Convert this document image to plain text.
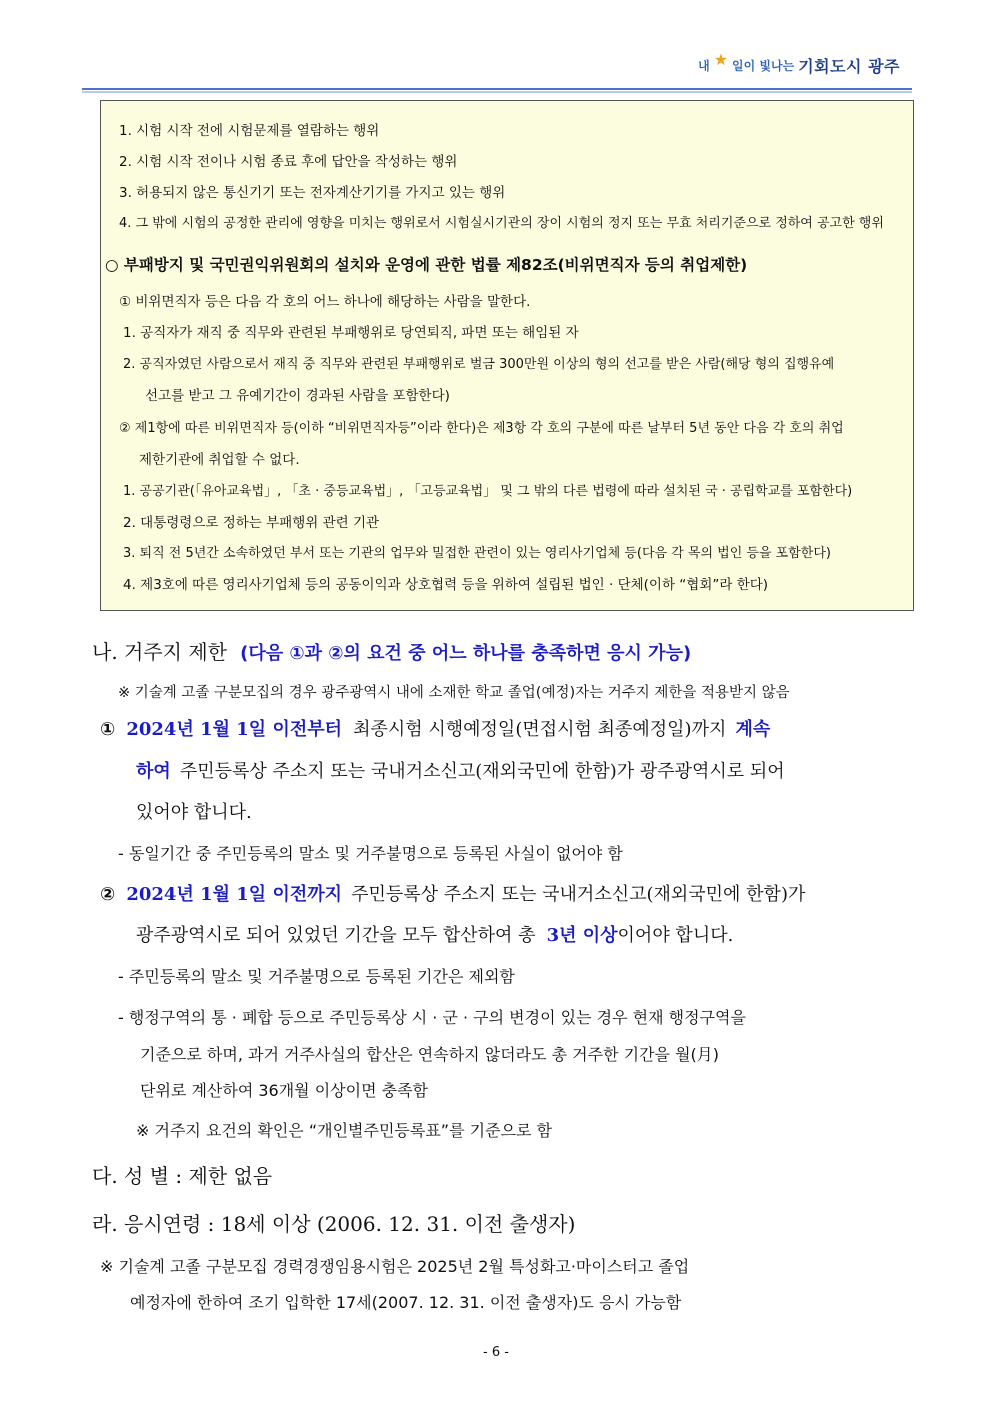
내 ★ 일이 빛나는 기회도시 광주
1. 시험 시작 전에 시험문제를 열람하는 행위
2. 시험 시작 전이나 시험 종료 후에 답안을 작성하는 행위
3. 허용되지 않은 통신기기 또는 전자계산기기를 가지고 있는 행위
4. 그 밖에 시험의 공정한 관리에 영향을 미치는 행위로서 시험실시기관의 장이 시험의 정지 또는 무효 처리기준으로 정하여 공고한 행위
○ 부패방지 및 국민권익위원회의 설치와 운영에 관한 법률 제82조(비위면직자 등의 취업제한)
① 비위면직자 등은 다음 각 호의 어느 하나에 해당하는 사람을 말한다.
1. 공직자가 재직 중 직무와 관련된 부패행위로 당연퇴직, 파면 또는 해임된 자
2. 공직자였던 사람으로서 재직 중 직무와 관련된 부패행위로 벌금 300만원 이상의 형의 선고를 받은 사람(해당 형의 집행유예
선고를 받고 그 유예기간이 경과된 사람을 포함한다)
② 제1항에 따른 비위면직자 등(이하 “비위면직자등”이라 한다)은 제3항 각 호의 구분에 따른 날부터 5년 동안 다음 각 호의 취업
제한기관에 취업할 수 없다.
1. 공공기관(「유아교육법」, 「초 · 중등교육법」, 「고등교육법」 및 그 밖의 다른 법령에 따라 설치된 국 · 공립학교를 포함한다)
2. 대통령령으로 정하는 부패행위 관련 기관
3. 퇴직 전 5년간 소속하였던 부서 또는 기관의 업무와 밀접한 관련이 있는 영리사기업체 등(다음 각 목의 법인 등을 포함한다)
4. 제3호에 따른 영리사기업체 등의 공동이익과 상호협력 등을 위하여 설립된 법인 · 단체(이하 “협회”라 한다)
나. 거주지 제한 (다음 ①과 ②의 요건 중 어느 하나를 충족하면 응시 가능)
※ 기술계 고졸 구분모집의 경우 광주광역시 내에 소재한 학교 졸업(예정)자는 거주지 제한을 적용받지 않음
① 2024년 1월 1일 이전부터 최종시험 시행예정일(면접시험 최종예정일)까지 계속
하여 주민등록상 주소지 또는 국내거소신고(재외국민에 한함)가 광주광역시로 되어
있어야 합니다.
- 동일기간 중 주민등록의 말소 및 거주불명으로 등록된 사실이 없어야 함
② 2024년 1월 1일 이전까지 주민등록상 주소지 또는 국내거소신고(재외국민에 한함)가
광주광역시로 되어 있었던 기간을 모두 합산하여 총 3년 이상이어야 합니다.
- 주민등록의 말소 및 거주불명으로 등록된 기간은 제외함
- 행정구역의 통 · 폐합 등으로 주민등록상 시 · 군 · 구의 변경이 있는 경우 현재 행정구역을
기준으로 하며, 과거 거주사실의 합산은 연속하지 않더라도 총 거주한 기간을 월(月)
단위로 계산하여 36개월 이상이면 충족함
※ 거주지 요건의 확인은 “개인별주민등록표”를 기준으로 함
다. 성 별 : 제한 없음
라. 응시연령 : 18세 이상 (2006. 12. 31. 이전 출생자)
※ 기술계 고졸 구분모집 경력경쟁임용시험은 2025년 2월 특성화고·마이스터고 졸업
예정자에 한하여 조기 입학한 17세(2007. 12. 31. 이전 출생자)도 응시 가능함
- 6 -
